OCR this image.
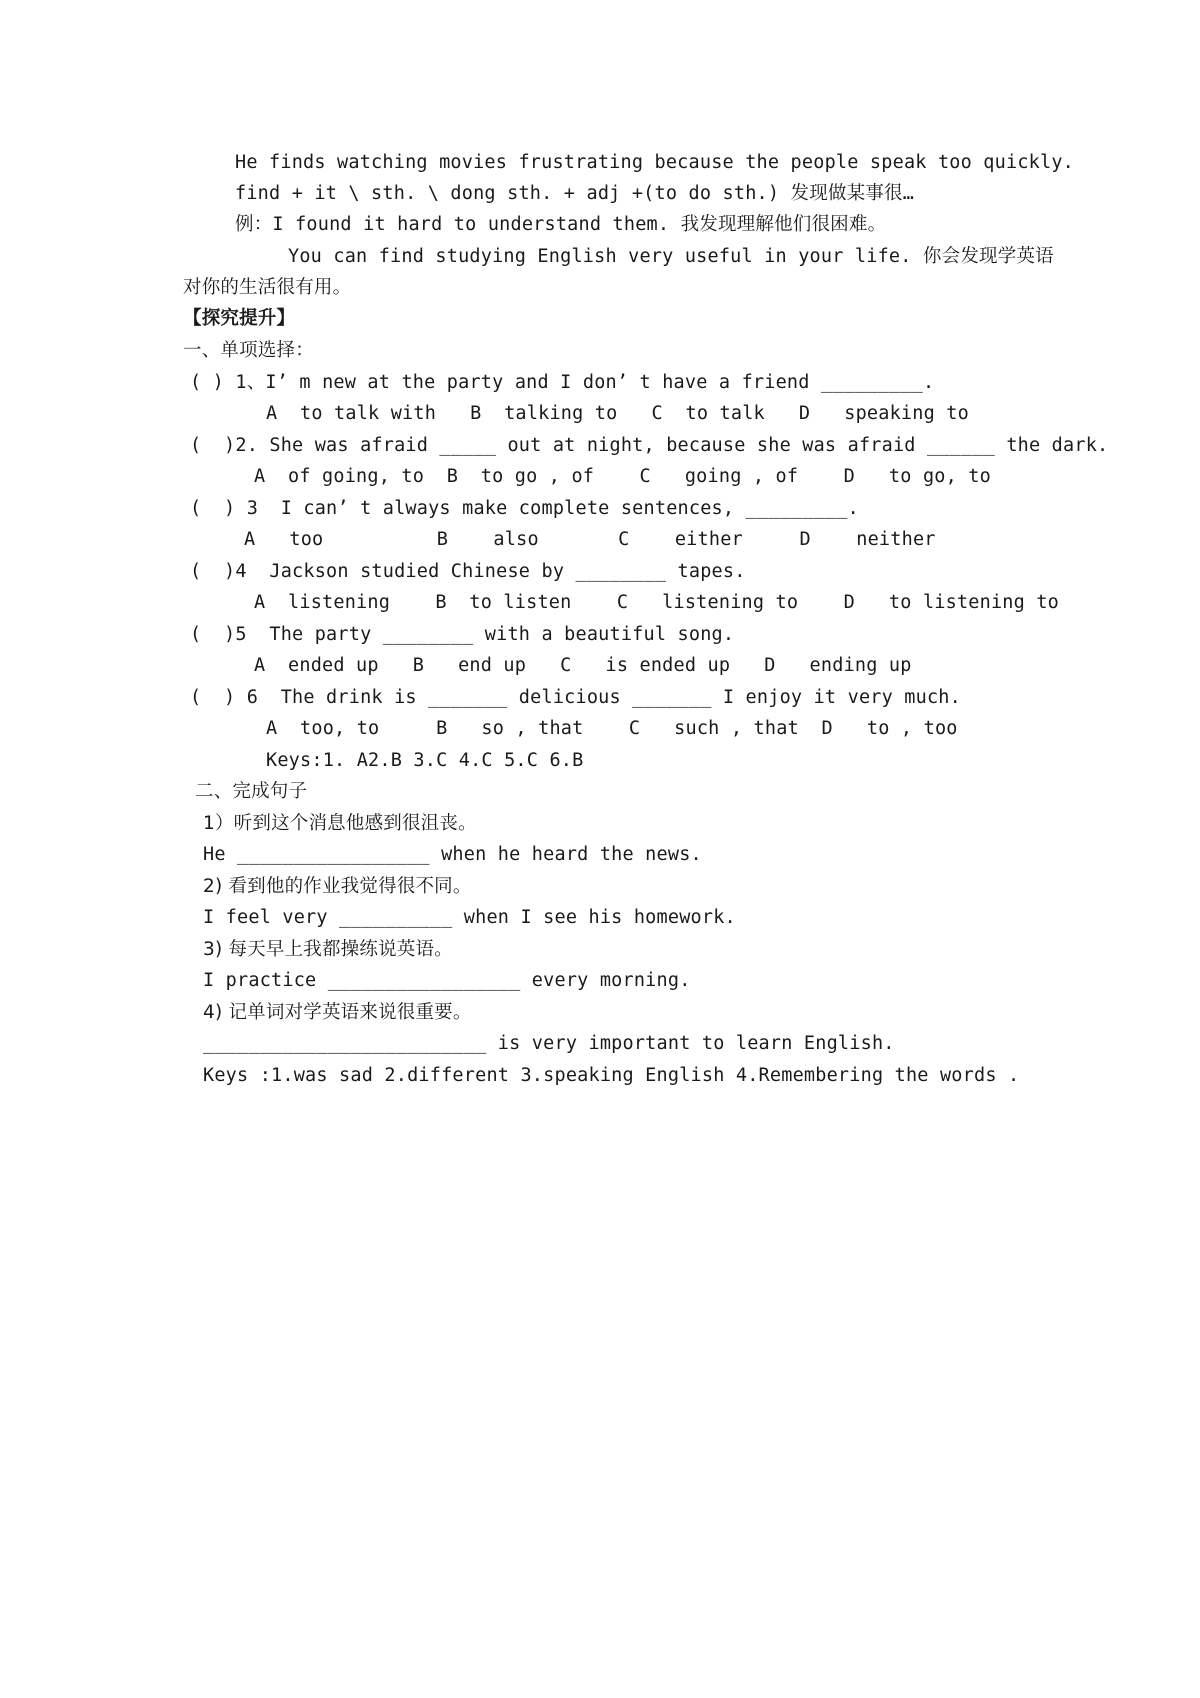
He finds watching movies frustrating because the people speak too quickly.
find + it \ sth. \ dong sth. + adj +(to do sth.) 发现做某事很…
例：I found it hard to understand them. 我发现理解他们很困难。
You can find studying English very useful in your life. 你会发现学英语
对你的生活很有用。
【探究提升】
一、单项选择：
( ) 1、I’ m new at the party and I don’ t have a friend _________.
A  to talk with   B  talking to   C  to talk   D   speaking to
(  )2. She was afraid _____ out at night, because she was afraid ______ the dark.
A  of going, to  B  to go , of    C   going , of    D   to go, to
(  ) 3  I can’ t always make complete sentences, _________.
A   too          B    also       C    either     D    neither
(  )4  Jackson studied Chinese by ________ tapes.
A  listening    B  to listen    C   listening to    D   to listening to
(  )5  The party ________ with a beautiful song.
A  ended up   B   end up   C   is ended up   D   ending up
(  ) 6  The drink is _______ delicious _______ I enjoy it very much.
A  too, to     B   so , that    C   such , that  D   to , too
Keys:1. A2.B 3.C 4.C 5.C 6.B
二、完成句子
1）听到这个消息他感到很沮丧。
He _________________ when he heard the news.
2) 看到他的作业我觉得很不同。
I feel very __________ when I see his homework.
3) 每天早上我都操练说英语。
I practice _________________ every morning.
4) 记单词对学英语来说很重要。
_________________________ is very important to learn English.
Keys :1.was sad 2.different 3.speaking English 4.Remembering the words .
